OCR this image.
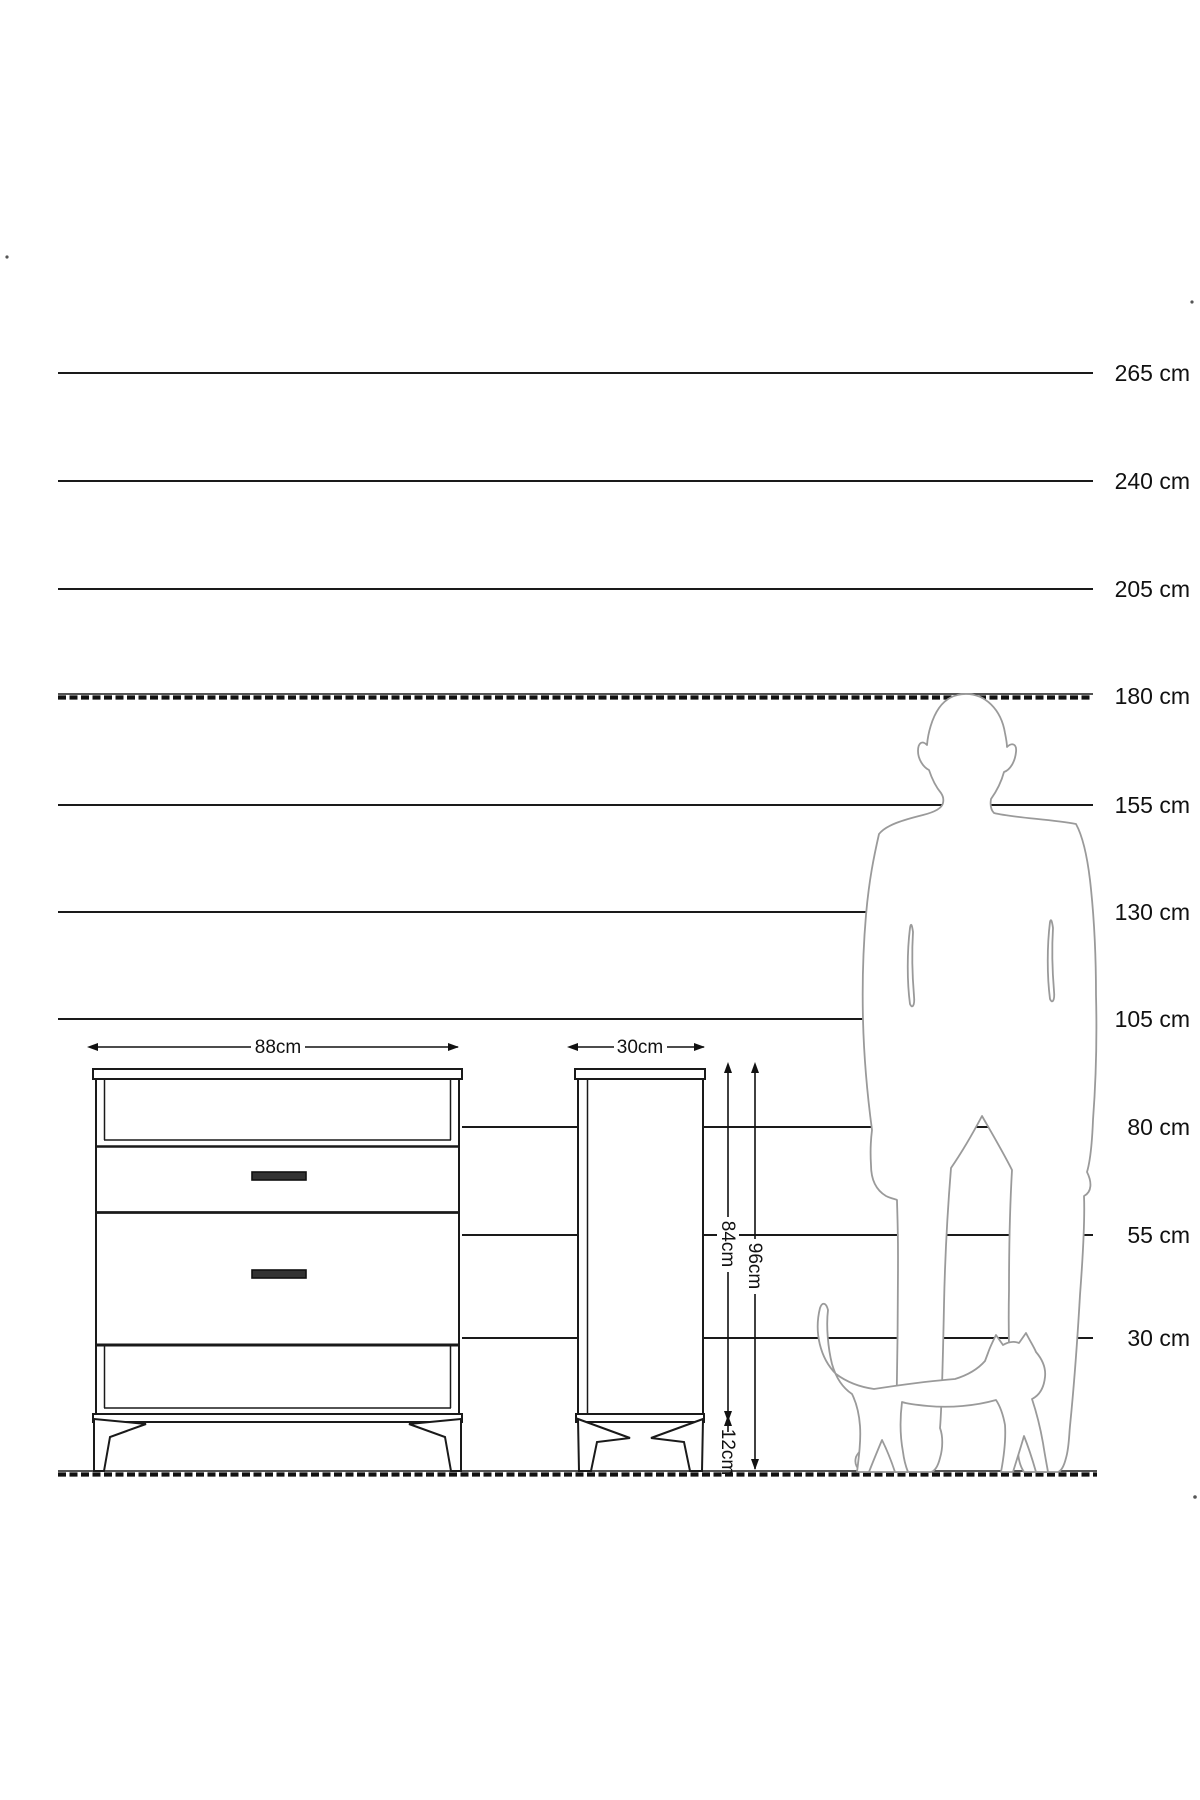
265 cm
240 cm
205 cm
180 cm
155 cm
130 cm
105 cm
80 cm
55 cm
30 cm
88cm	30cm
84cm 96cm
12cm
